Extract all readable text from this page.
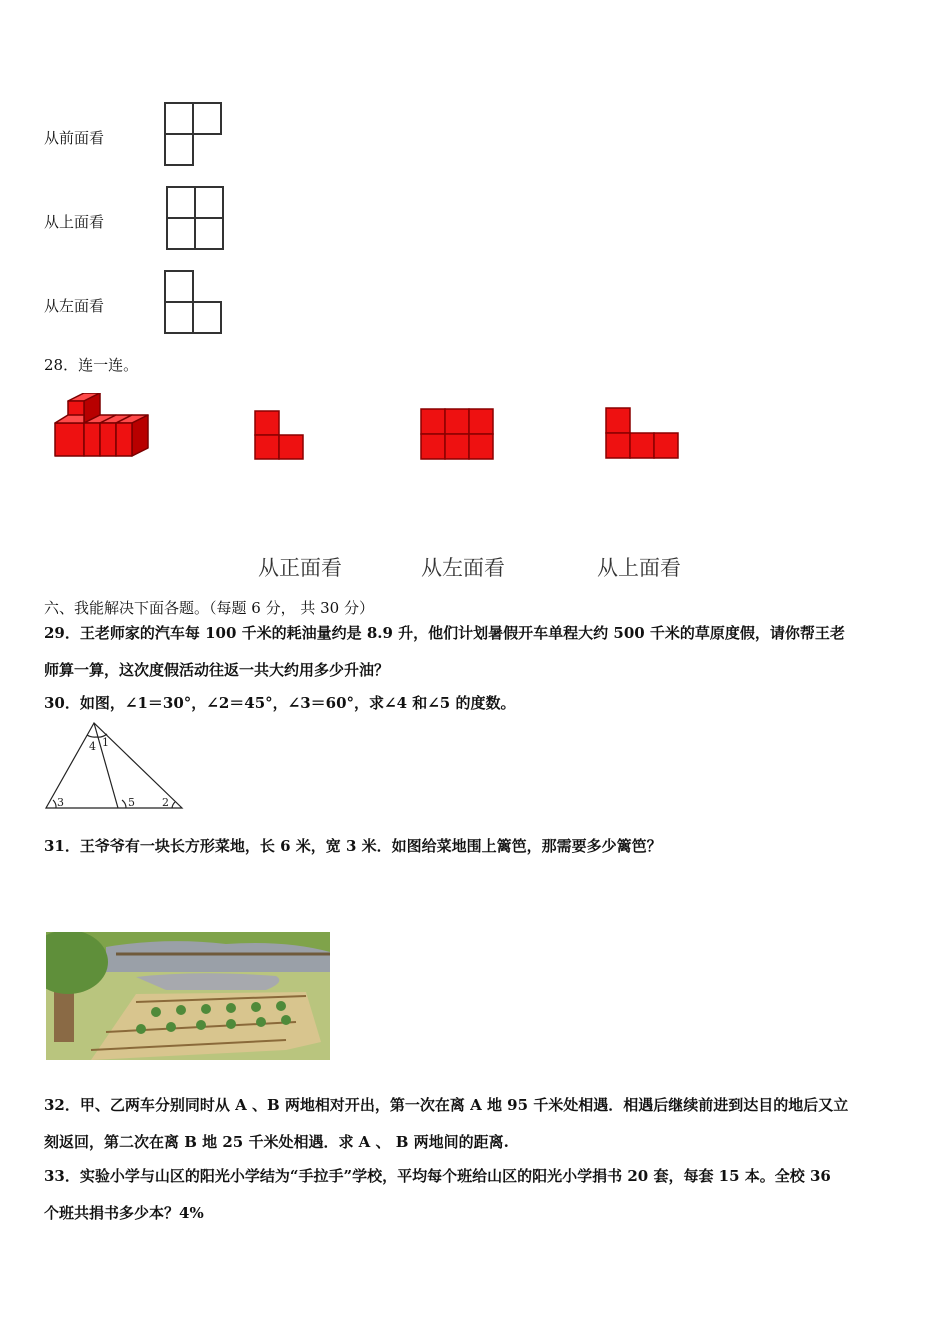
从前面看
从上面看
从左面看
28．连一连。
从正面看	从左面看	从上面看
六、我能解决下面各题。（每题 6 分， 共 30 分）
29．王老师家的汽车每 100 千米的耗油量约是 8.9 升，他们计划暑假开车单程大约 500 千米的草原度假，请你帮王老
师算一算，这次度假活动往返一共大约用多少升油？
30．如图，∠1＝30°，∠2＝45°，∠3＝60°，求∠4 和∠5 的度数。
4 1
3	5 2
31．王爷爷有一块长方形菜地，长 6 米，宽 3 米．如图给菜地围上篱笆，那需要多少篱笆？
32．甲、乙两车分别同时从 A 、B 两地相对开出，第一次在离 A 地 95 千米处相遇．相遇后继续前进到达目的地后又立
刻返回，第二次在离 B 地 25 千米处相遇．求 A 、 B 两地间的距离.
33．实验小学与山区的阳光小学结为“手拉手”学校，平均每个班给山区的阳光小学捐书 20 套，每套 15 本。全校 36
个班共捐书多少本？4%
